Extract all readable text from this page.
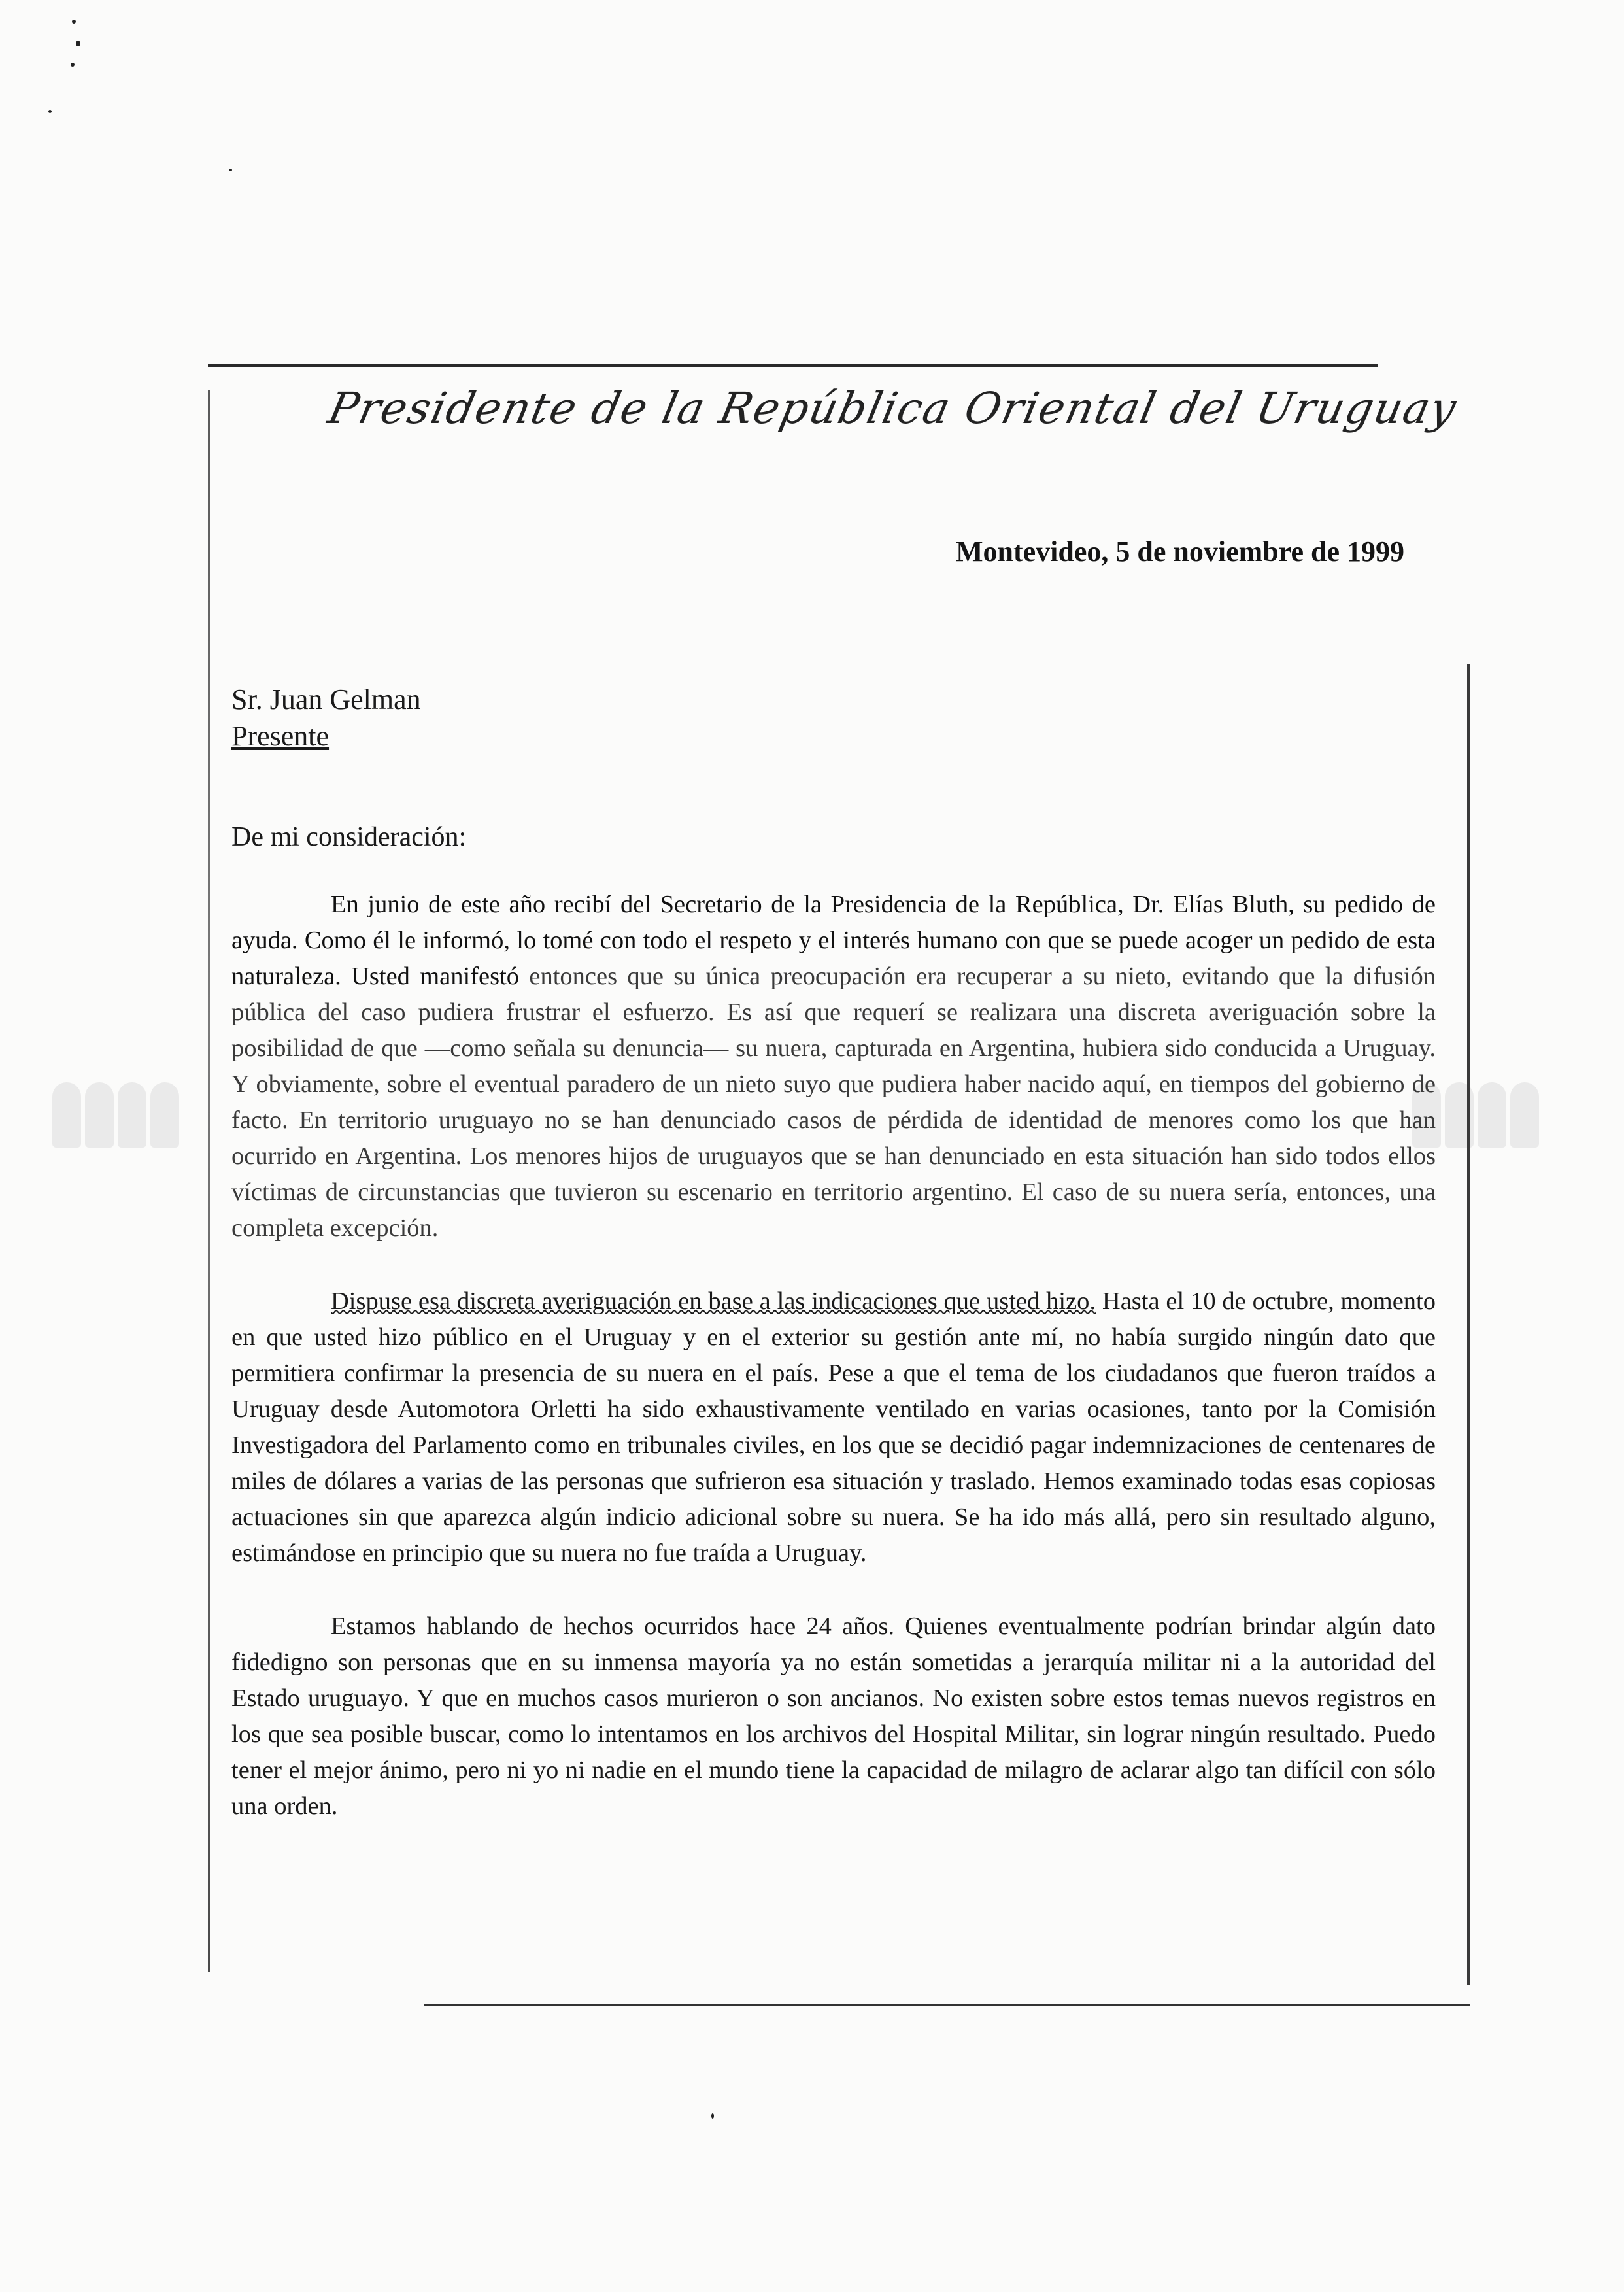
Presidente de la República Oriental del Uruguay
Montevideo, 5 de noviembre de 1999
Sr. Juan Gelman
Presente
De mi consideración:

En junio de este año recibí del Secretario de la Presidencia de la República, Dr. Elías Bluth, su pedido de ayuda. Como él le informó, lo tomé con todo el respeto y el interés humano con que se puede acoger un pedido de esta naturaleza. Usted manifestó entonces que su única preocupación era recuperar a su nieto, evitando que la difusión pública del caso pudiera frustrar el esfuerzo. Es así que requerí se realizara una discreta averiguación sobre la posibilidad de que —como señala su denuncia— su nuera, capturada en Argentina, hubiera sido conducida a Uruguay. Y obviamente, sobre el eventual paradero de un nieto suyo que pudiera haber nacido aquí, en tiempos del gobierno de facto. En territorio uruguayo no se han denunciado casos de pérdida de identidad de menores como los que han ocurrido en Argentina. Los menores hijos de uruguayos que se han denunciado en esta situación han sido todos ellos víctimas de circunstancias que tuvieron su escenario en territorio argentino. El caso de su nuera sería, entonces, una completa excepción.

Dispuse esa discreta averiguación en base a las indicaciones que usted hizo. Hasta el 10 de octubre, momento en que usted hizo público en el Uruguay y en el exterior su gestión ante mí, no había surgido ningún dato que permitiera confirmar la presencia de su nuera en el país. Pese a que el tema de los ciudadanos que fueron traídos a Uruguay desde Automotora Orletti ha sido exhaustivamente ventilado en varias ocasiones, tanto por la Comisión Investigadora del Parlamento como en tribunales civiles, en los que se decidió pagar indemnizaciones de centenares de miles de dólares a varias de las personas que sufrieron esa situación y traslado. Hemos examinado todas esas copiosas actuaciones sin que aparezca algún indicio adicional sobre su nuera. Se ha ido más allá, pero sin resultado alguno, estimándose en principio que su nuera no fue traída a Uruguay.

Estamos hablando de hechos ocurridos hace 24 años. Quienes eventualmente podrían brindar algún dato fidedigno son personas que en su inmensa mayoría ya no están sometidas a jerarquía militar ni a la autoridad del Estado uruguayo. Y que en muchos casos murieron o son ancianos. No existen sobre estos temas nuevos registros en los que sea posible buscar, como lo intentamos en los archivos del Hospital Militar, sin lograr ningún resultado. Puedo tener el mejor ánimo, pero ni yo ni nadie en el mundo tiene la capacidad de milagro de aclarar algo tan difícil con sólo una orden.
